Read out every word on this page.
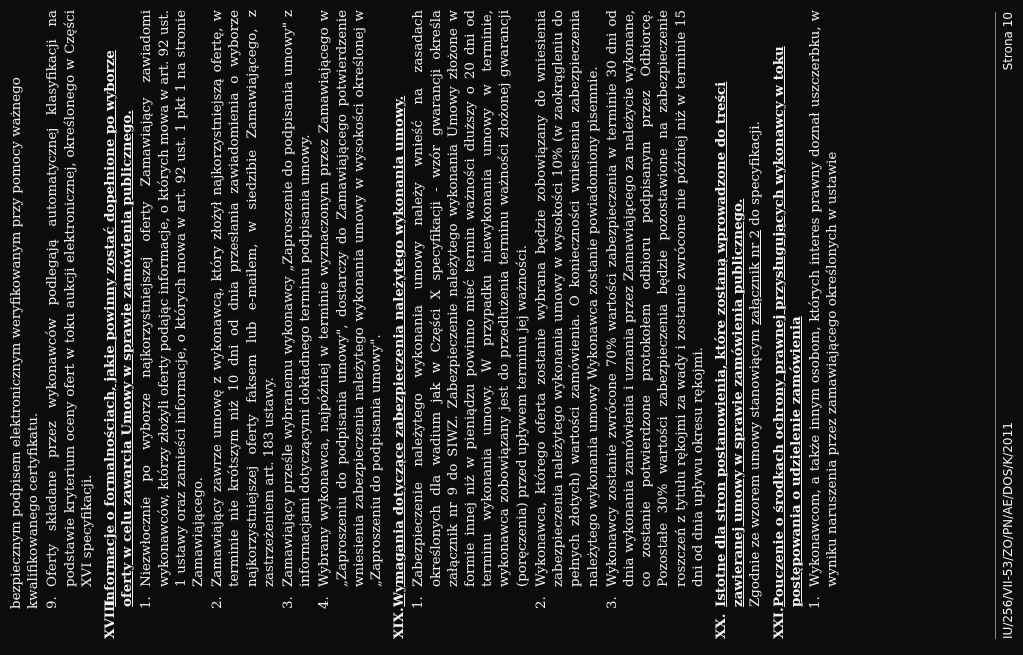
bezpiecznym podpisem elektronicznym weryfikowanym przy pomocy ważnego kwalifikowanego certyfikatu. 9.
Oferty składane przez wykonawców podlegają automatycznej klasyfikacji na podstawie kryterium oceny ofert w toku aukcji elektronicznej, określonego w Części XVI specyfikacji.
XVIII.
Informacje o formalnościach, jakie powinny zostać dopełnione po wyborze oferty w celu zawarcia Umowy w sprawie zamówienia publicznego. 1.
Niezwłocznie po wyborze najkorzystniejszej oferty Zamawiający zawiadomi wykonawców, którzy złożyli oferty podając informacje, o których mowa w art. 92 ust. 1 ustawy oraz zamieści informacje, o których mowa w art. 92 ust. 1 pkt 1 na stronie Zamawiającego.
2.
Zamawiający zawrze umowę z wykonawcą, który złożył najkorzystniejszą ofertę, w terminie nie krótszym niż 10 dni od dnia przesłania zawiadomienia o wyborze najkorzystniejszej oferty faksem lub e-mailem, w siedzibie Zamawiającego, z zastrzeżeniem art. 183 ustawy.
3.
Zamawiający prześle wybranemu wykonawcy „Zaproszenie do podpisania umowy" z informacjami dotyczącymi dokładnego terminu podpisania umowy.
4.
Wybrany wykonawca, najpóźniej w terminie wyznaczonym przez Zamawiającego w „Zaproszeniu do podpisania umowy", dostarczy do Zamawiającego potwierdzenie wniesienia zabezpieczenia należytego wykonania umowy w wysokości określonej w „Zaproszeniu do podpisania umowy".
XIX.
Wymagania dotyczące zabezpieczenia należytego wykonania umowy. 1.
Zabezpieczenie należytego wykonania umowy należy wnieść na zasadach określonych dla wadium jak w Części X specyfikacji - wzór gwarancji określa załącznik nr 9 do SIWZ. Zabezpieczenie należytego wykonania Umowy złożone w formie innej niż w pieniądzu powinno mieć termin ważności dłuższy o 20 dni od terminu wykonania umowy. W przypadku niewykonania umowy w terminie, wykonawca zobowiązany jest do przedłużenia terminu ważności złożonej gwarancji (poręczenia) przed upływem terminu jej ważności.
2.
Wykonawca, którego oferta zostanie wybrana będzie zobowiązany do wniesienia zabezpieczenia należytego wykonania umowy w wysokości 10% (w zaokrągleniu do pełnych złotych) wartości zamówienia. O konieczności wniesienia zabezpieczenia należytego wykonania umowy Wykonawca zostanie powiadomiony pisemnie.
3.
Wykonawcy zostanie zwrócone 70% wartości zabezpieczenia w terminie 30 dni od dnia wykonania zamówienia i uznania przez Zamawiającego za należycie wykonane, co zostanie potwierdzone protokołem odbioru podpisanym przez Odbiorcę. Pozostałe 30% wartości zabezpieczenia będzie pozostawione na zabezpieczenie roszczeń z tytułu rękojmi za wady i zostanie zwrócone nie później niż w terminie 15 dni od dnia upływu okresu rękojmi.
XX.
Istotne dla stron postanowienia, które zostaną wprowadzone do treści zawieranej umowy w sprawie zamówienia publicznego. Zgodnie ze wzorem umowy stanowiącym załącznik nr 2 do specyfikacji.

XXI.
Pouczenie o środkach ochrony prawnej przysługujących wykonawcy w toku postępowania o udzielenie zamówienia 1.
Wykonawcom, a także innym osobom, których interes prawny doznał uszczerbku, w wyniku naruszenia przez zamawiającego określonych w ustawie	IU/256/VII-53/ZO/PN/AE/DOS/K/2011
Strona 10
